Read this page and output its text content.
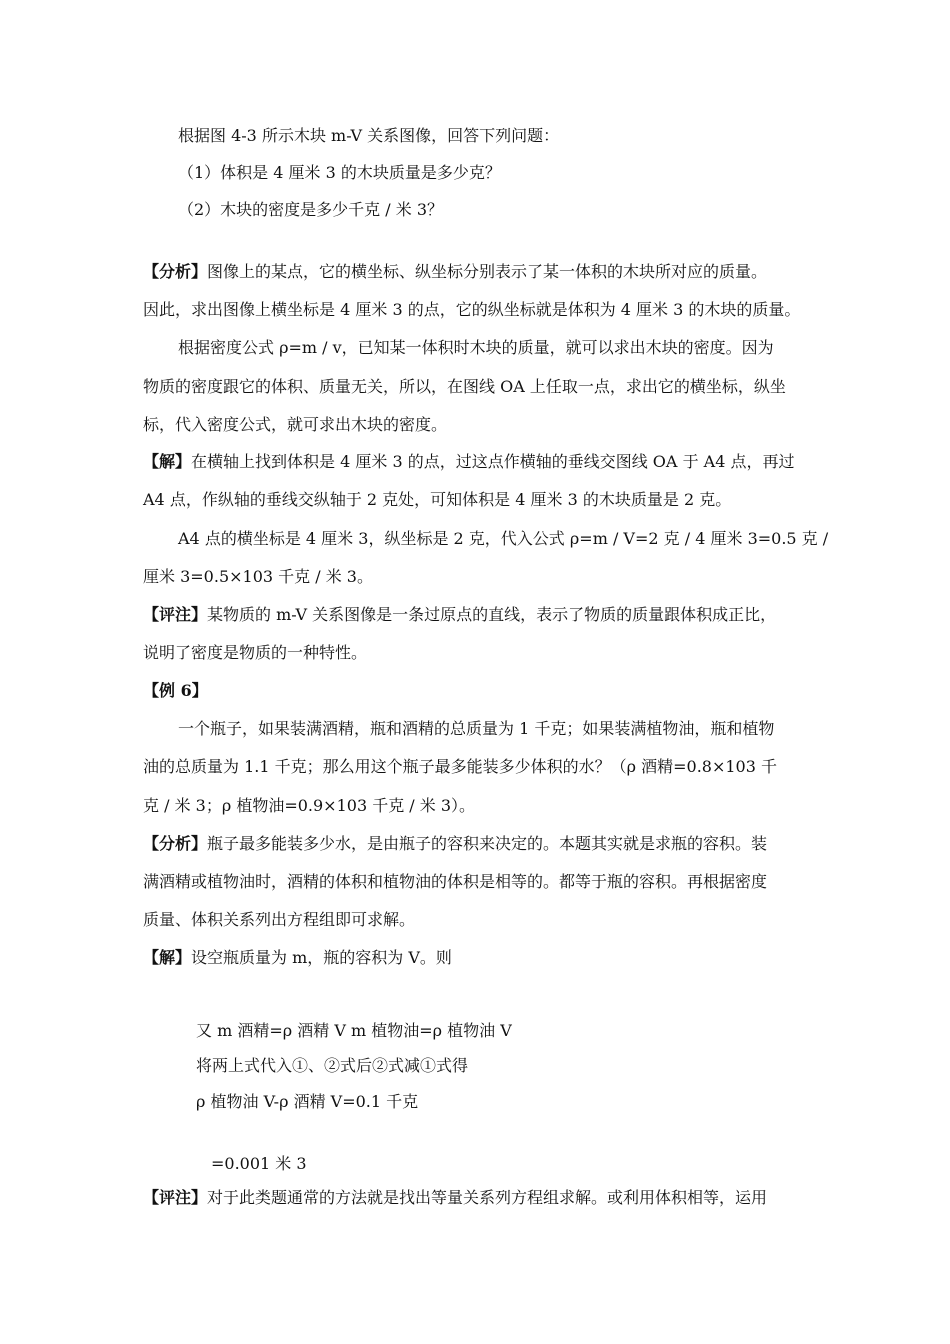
根据图 4-3 所示木块 m-V 关系图像，回答下列问题：
（1）体积是 4 厘米 3 的木块质量是多少克？
（2）木块的密度是多少千克 / 米 3？
【分析】图像上的某点，它的横坐标、纵坐标分别表示了某一体积的木块所对应的质量。
因此，求出图像上横坐标是 4 厘米 3 的点，它的纵坐标就是体积为 4 厘米 3 的木块的质量。
根据密度公式 ρ=m / v，已知某一体积时木块的质量，就可以求出木块的密度。因为
物质的密度跟它的体积、质量无关，所以，在图线 OA 上任取一点，求出它的横坐标，纵坐
标，代入密度公式，就可求出木块的密度。
【解】在横轴上找到体积是 4 厘米 3 的点，过这点作横轴的垂线交图线 OA 于 A4 点，再过
A4 点，作纵轴的垂线交纵轴于 2 克处，可知体积是 4 厘米 3 的木块质量是 2 克。
A4 点的横坐标是 4 厘米 3，纵坐标是 2 克，代入公式 ρ=m / V=2 克 / 4 厘米 3=0.5 克 /
厘米 3=0.5×103 千克 / 米 3。
【评注】某物质的 m-V 关系图像是一条过原点的直线，表示了物质的质量跟体积成正比，
说明了密度是物质的一种特性。
【例 6】
一个瓶子，如果装满酒精，瓶和酒精的总质量为 1 千克；如果装满植物油，瓶和植物
油的总质量为 1.1 千克；那么用这个瓶子最多能装多少体积的水？（ρ 酒精=0.8×103 千
克 / 米 3；ρ 植物油=0.9×103 千克 / 米 3）。
【分析】瓶子最多能装多少水，是由瓶子的容积来决定的。本题其实就是求瓶的容积。装
满酒精或植物油时，酒精的体积和植物油的体积是相等的。都等于瓶的容积。再根据密度
质量、体积关系列出方程组即可求解。
【解】设空瓶质量为 m，瓶的容积为 V。则
又 m 酒精=ρ 酒精 V m 植物油=ρ 植物油 V
将两上式代入①、②式后②式减①式得
ρ 植物油 V-ρ 酒精 V=0.1 千克
=0.001 米 3
【评注】对于此类题通常的方法就是找出等量关系列方程组求解。或利用体积相等，运用
